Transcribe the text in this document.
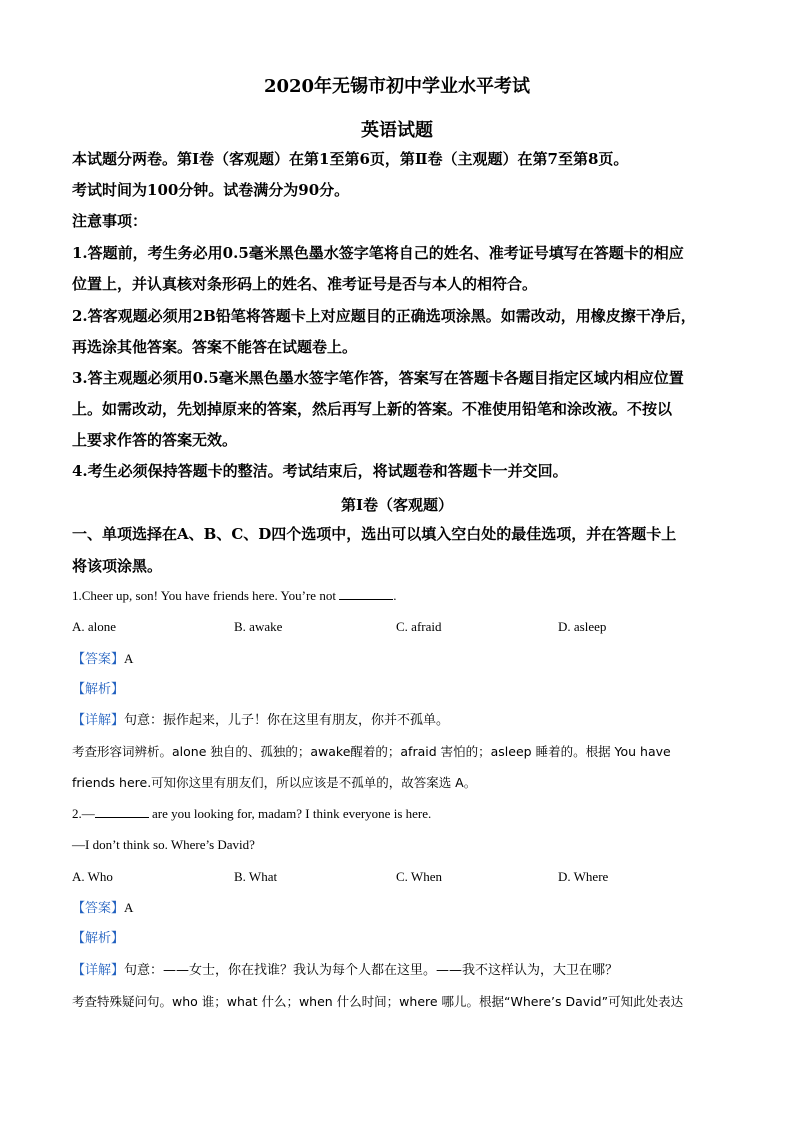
2020年无锡市初中学业水平考试
英语试题
本试题分两卷。第Ⅰ卷（客观题）在第1至第6页，第Ⅱ卷（主观题）在第7至第8页。
考试时间为100分钟。试卷满分为90分。
注意事项：
1.答题前，考生务必用0.5毫米黑色墨水签字笔将自己的姓名、准考证号填写在答题卡的相应
位置上，并认真核对条形码上的姓名、准考证号是否与本人的相符合。
2.答客观题必须用2B铅笔将答题卡上对应题目的正确选项涂黑。如需改动，用橡皮擦干净后，
再选涂其他答案。答案不能答在试题卷上。
3.答主观题必须用0.5毫米黑色墨水签字笔作答，答案写在答题卡各题目指定区域内相应位置
上。如需改动，先划掉原来的答案，然后再写上新的答案。不准使用铅笔和涂改液。不按以
上要求作答的答案无效。
4.考生必须保持答题卡的整洁。考试结束后，将试题卷和答题卡一并交回。
第Ⅰ卷（客观题）
一、单项选择在A、B、C、D四个选项中，选出可以填入空白处的最佳选项，并在答题卡上
将该项涂黑。
1.Cheer up, son! You have friends here. You’re not	.
A. alone	B. awake	C. afraid	D. asleep
【答案】A
【解析】
【详解】句意：振作起来，儿子！你在这里有朋友，你并不孤单。
考查形容词辨析。alone 独自的、孤独的；awake醒着的；afraid 害怕的；asleep 睡着的。根据 You have
friends here.可知你这里有朋友们，所以应该是不孤单的，故答案选 A。
2.—	are you looking for, madam? I think everyone is here.
—I don’t think so. Where’s David?
A. Who	B. What	C. When	D. Where
【答案】A
【解析】
【详解】句意：——女士，你在找谁？我认为每个人都在这里。——我不这样认为，大卫在哪？
考查特殊疑问句。who 谁；what 什么；when 什么时间；where 哪儿。根据“Where’s David”可知此处表达
